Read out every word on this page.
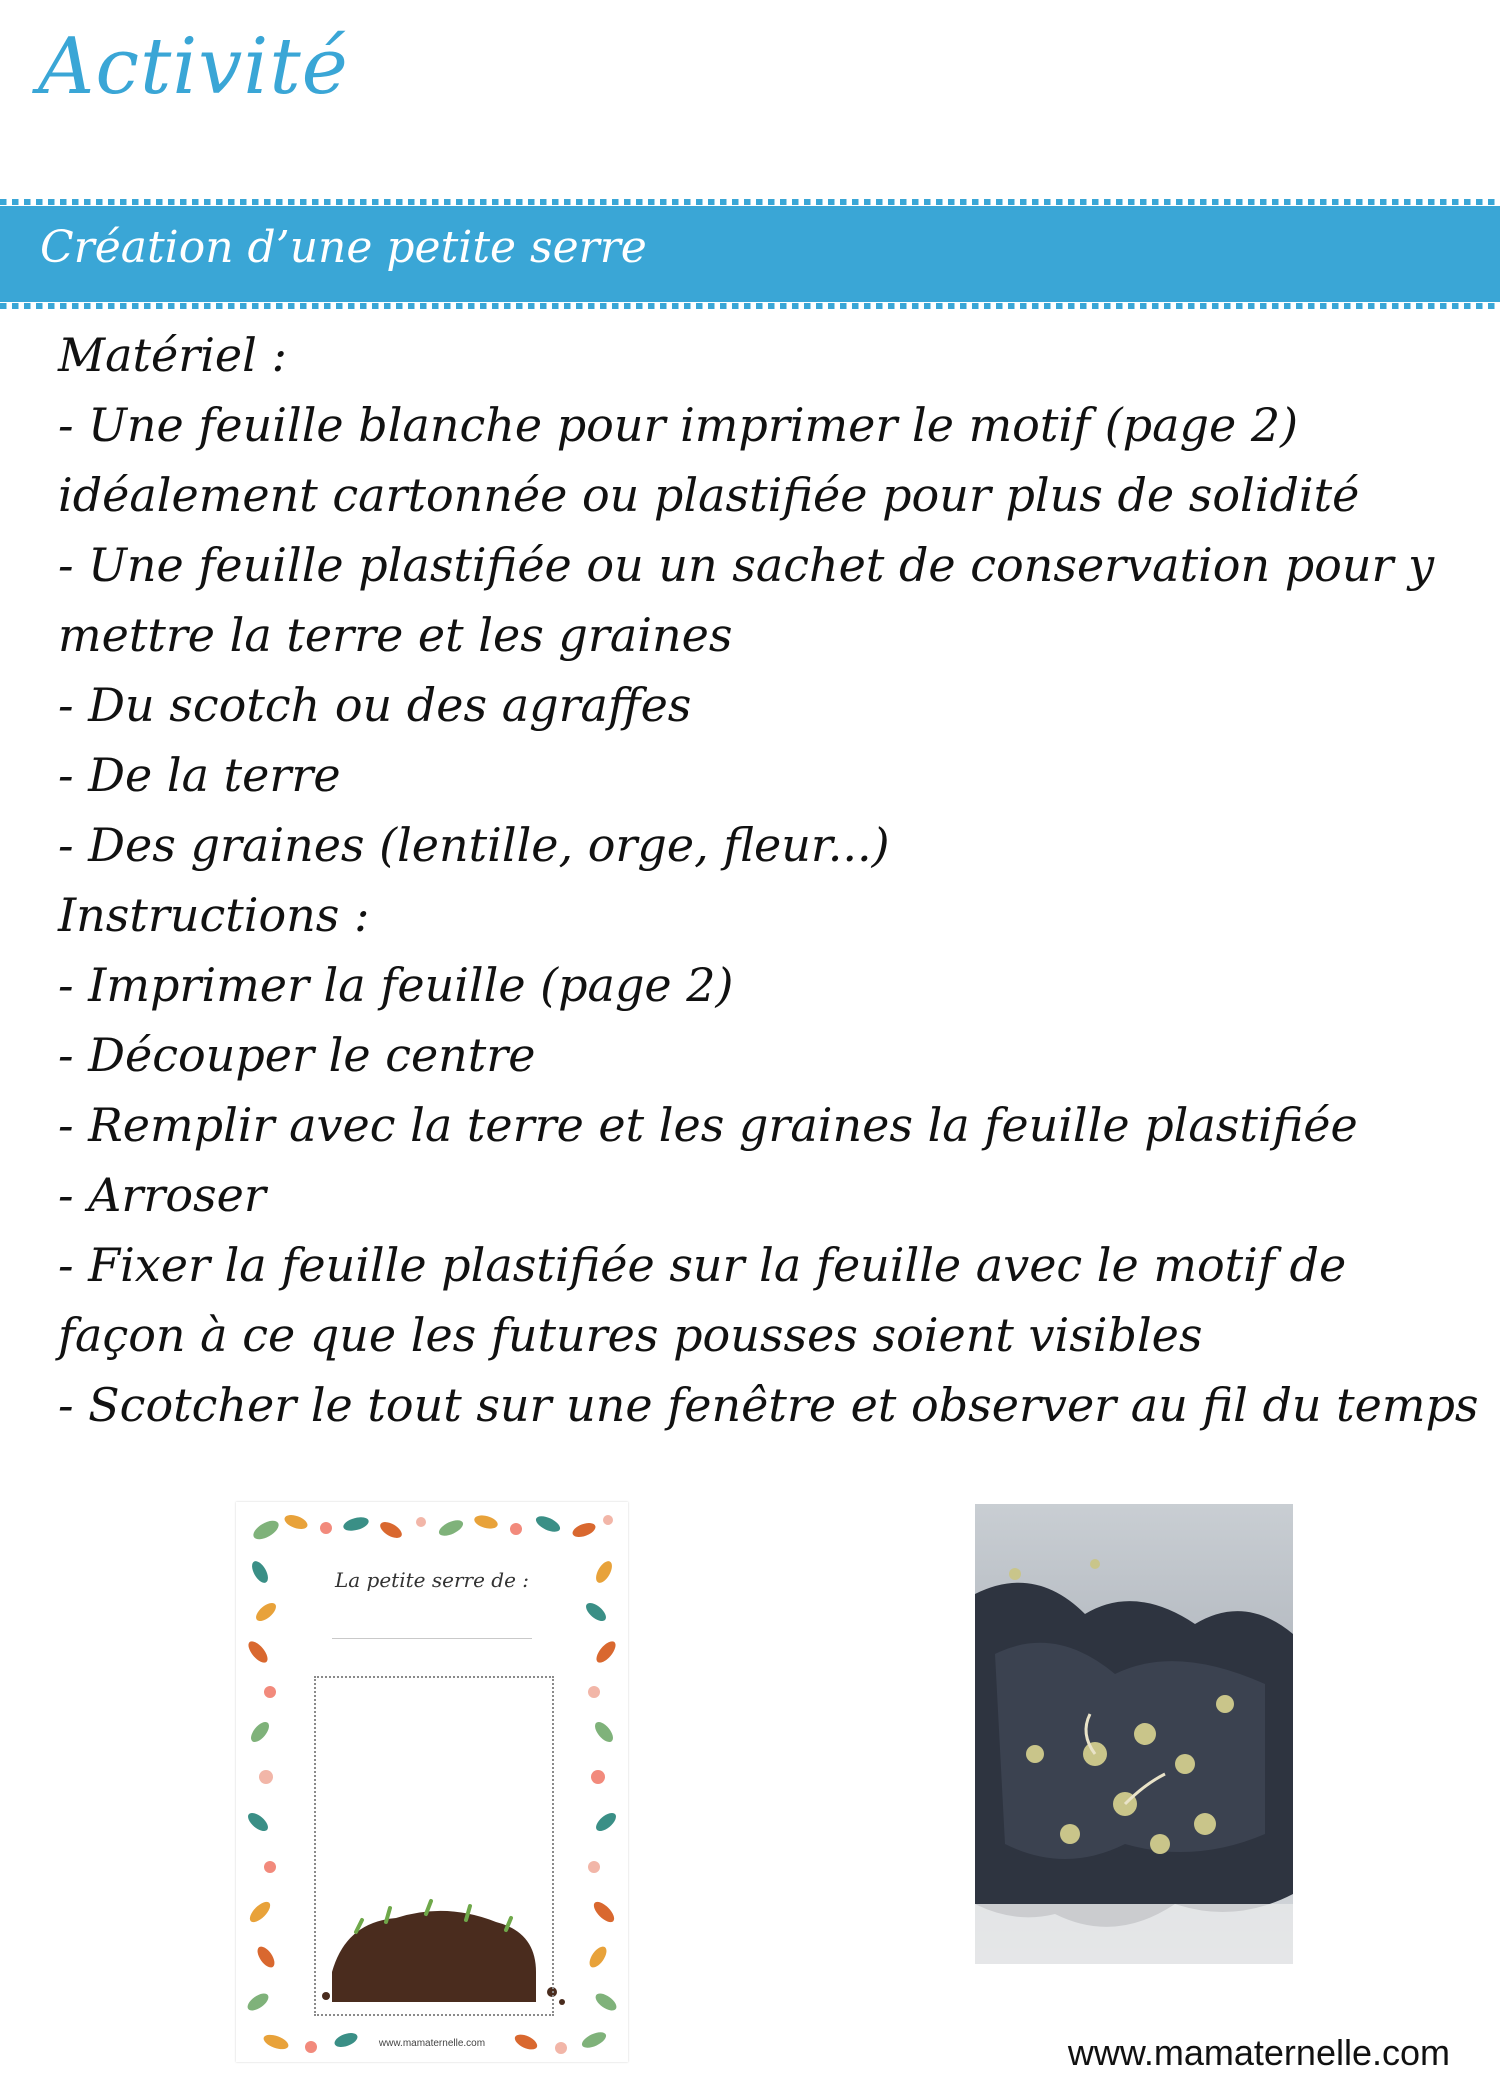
Activité
Création d’une petite serre
Matériel :
- Une feuille blanche pour imprimer le motif (page 2)
idéalement cartonnée ou plastifiée pour plus de solidité
- Une feuille plastifiée ou un sachet de conservation pour y
mettre la terre et les graines
- Du scotch ou des agraffes
- De la terre
- Des graines (lentille, orge, fleur...)
Instructions :
- Imprimer la feuille (page 2)
- Découper le centre
- Remplir avec la terre et les graines la feuille plastifiée
- Arroser
- Fixer la feuille plastifiée sur la feuille avec le motif de
façon à ce que les futures pousses soient visibles
- Scotcher le tout sur une fenêtre et observer au fil du temps
La petite serre de :
www.mamaternelle.com	www.mamaternelle.com
